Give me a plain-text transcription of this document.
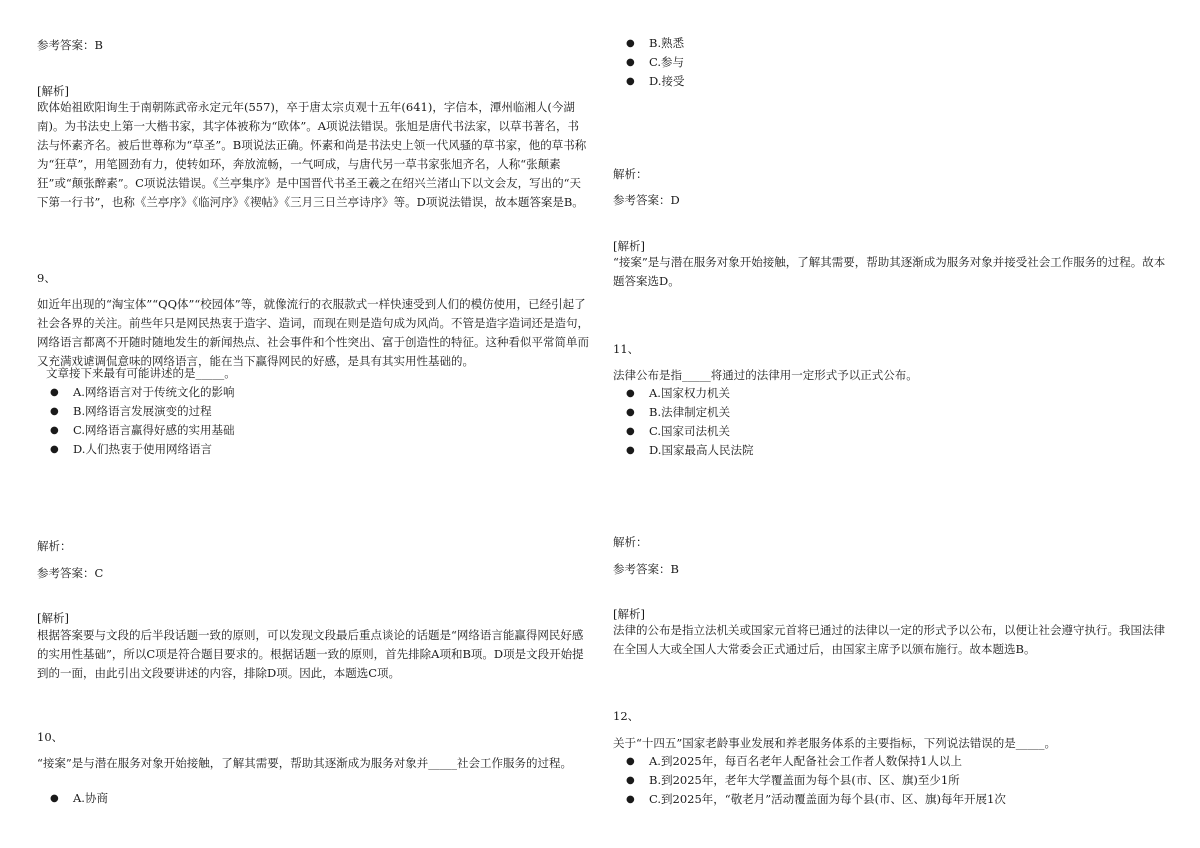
参考答案：B

[解析]

欧体始祖欧阳询生于南朝陈武帝永定元年(557)，卒于唐太宗贞观十五年(641)，字信本，潭州临湘人(今湖南)。为书法史上第一大楷书家，其字体被称为“欧体”。A项说法错误。张旭是唐代书法家，以草书著名，书法与怀素齐名。被后世尊称为“草圣”。B项说法正确。怀素和尚是书法史上领一代风骚的草书家，他的草书称为“狂草”，用笔圆劲有力，使转如环，奔放流畅，一气呵成，与唐代另一草书家张旭齐名，人称“张颠素狂”或“颠张醉素”。C项说法错误。《兰亭集序》是中国晋代书圣王羲之在绍兴兰渚山下以文会友，写出的“天下第一行书”，也称《兰亭序》《临河序》《禊帖》《三月三日兰亭诗序》等。D项说法错误，故本题答案是B。

9、

如近年出现的“淘宝体”“QQ体”“校园体”等，就像流行的衣服款式一样快速受到人们的模仿使用，已经引起了社会各界的关注。前些年只是网民热衷于造字、造词，而现在则是造句成为风尚。不管是造字造词还是造句，网络语言都离不开随时随地发生的新闻热点、社会事件和个性突出、富于创造性的特征。这种看似平常简单而又充满戏谑调侃意味的网络语言，能在当下赢得网民的好感，是具有其实用性基础的。

文章接下来最有可能讲述的是_____。

● A.网络语言对于传统文化的影响
● B.网络语言发展演变的过程
● C.网络语言赢得好感的实用基础
● D.人们热衷于使用网络语言

解析：

参考答案：C

[解析]

根据答案要与文段的后半段话题一致的原则，可以发现文段最后重点谈论的话题是“网络语言能赢得网民好感的实用性基础”，所以C项是符合题目要求的。根据话题一致的原则，首先排除A项和B项。D项是文段开始提到的一面，由此引出文段要讲述的内容，排除D项。因此，本题选C项。

10、

“接案”是与潜在服务对象开始接触，了解其需要，帮助其逐渐成为服务对象并_____社会工作服务的过程。

● A.协商
● B.熟悉
● C.参与
● D.接受

解析：

参考答案：D

[解析]

“接案”是与潜在服务对象开始接触，了解其需要，帮助其逐渐成为服务对象并接受社会工作服务的过程。故本题答案选D。

11、

法律公布是指_____将通过的法律用一定形式予以正式公布。

● A.国家权力机关
● B.法律制定机关
● C.国家司法机关
● D.国家最高人民法院

解析：

参考答案：B

[解析]

法律的公布是指立法机关或国家元首将已通过的法律以一定的形式予以公布，以便让社会遵守执行。我国法律在全国人大或全国人大常委会正式通过后，由国家主席予以颁布施行。故本题选B。

12、

关于“十四五”国家老龄事业发展和养老服务体系的主要指标，下列说法错误的是_____。

● A.到2025年，每百名老年人配备社会工作者人数保持1人以上
● B.到2025年，老年大学覆盖面为每个县(市、区、旗)至少1所
● C.到2025年，“敬老月”活动覆盖面为每个县(市、区、旗)每年开展1次
